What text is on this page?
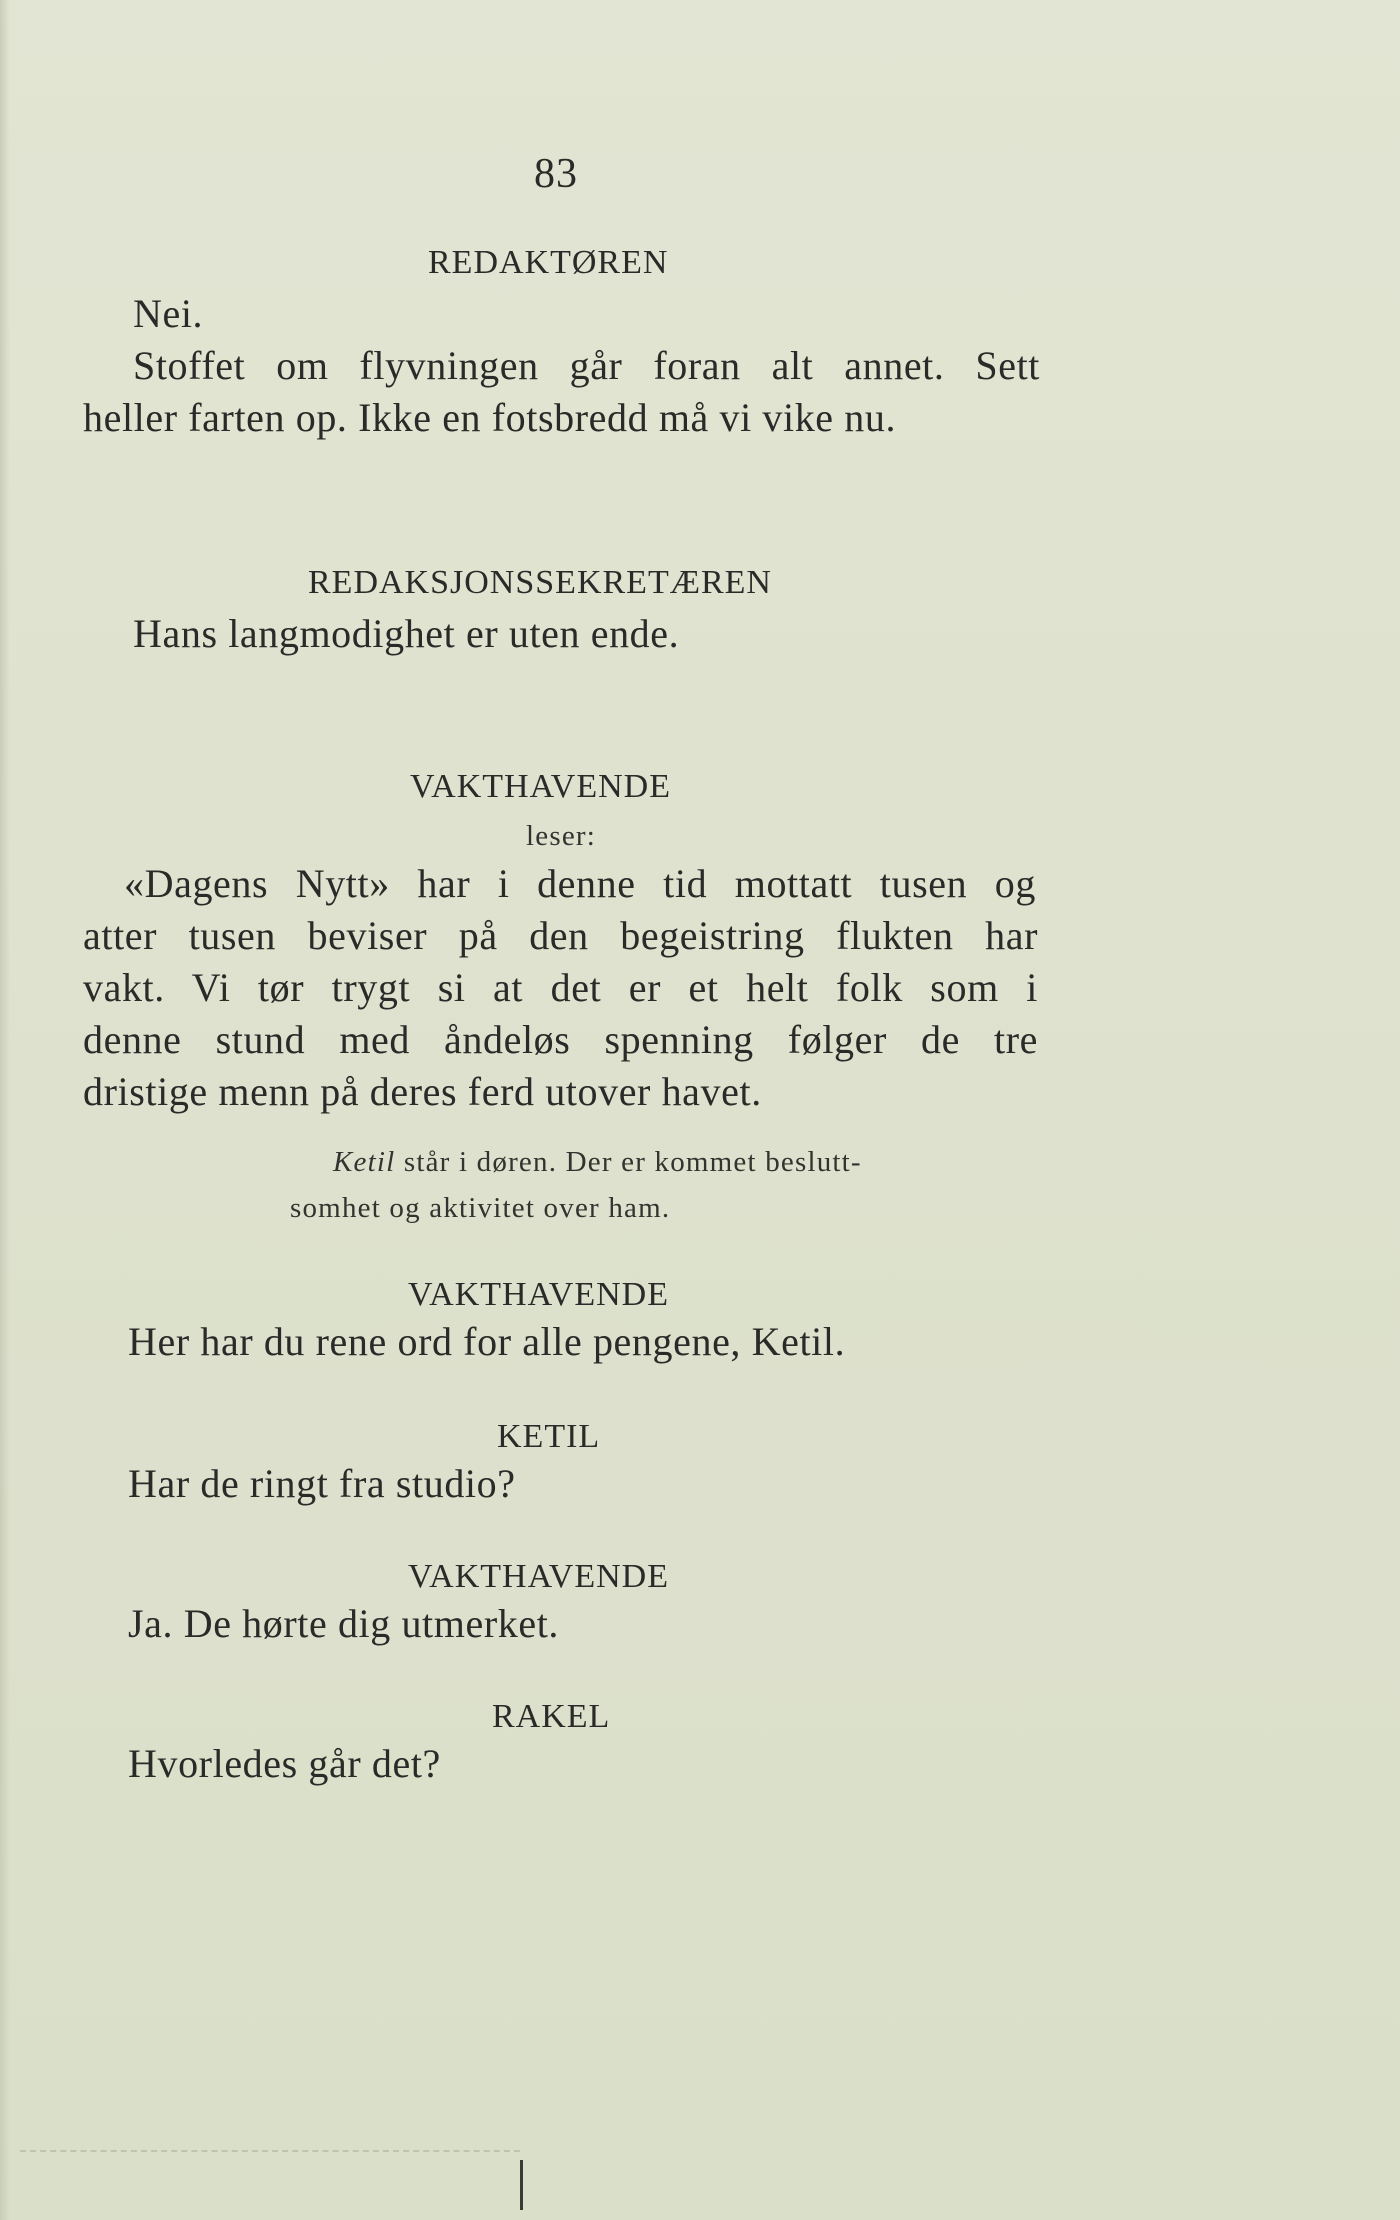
83
REDAKTØREN
Nei.
Stoffet om flyvningen går foran alt annet. Sett
heller farten op. Ikke en fotsbredd må vi vike nu.
REDAKSJONSSEKRETÆREN
Hans langmodighet er uten ende.
VAKTHAVENDE
leser:
«Dagens Nytt» har i denne tid mottatt tusen og
atter tusen beviser på den begeistring flukten har
vakt. Vi tør trygt si at det er et helt folk som i
denne stund med åndeløs spenning følger de tre
dristige menn på deres ferd utover havet.
Ketil står i døren. Der er kommet beslutt-
somhet og aktivitet over ham.
VAKTHAVENDE
Her har du rene ord for alle pengene, Ketil.
KETIL
Har de ringt fra studio?
VAKTHAVENDE
Ja. De hørte dig utmerket.
RAKEL
Hvorledes går det?
